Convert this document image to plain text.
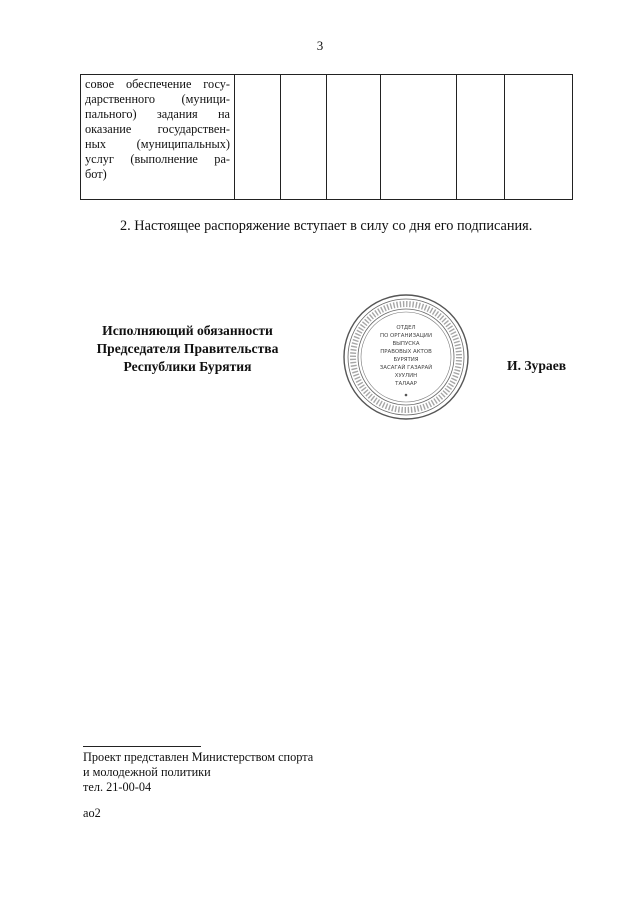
3
совое обеспечение госу-
дарственного (муници-
пального) задания на
оказание государствен-
ных (муниципальных)
услуг (выполнение ра-
бот)

2. Настоящее распоряжение вступает в силу со дня его подписания.
Исполняющий обязанности
Председателя Правительства
Республики Бурятия
ОТДЕЛ
ПО ОРГАНИЗАЦИИ
ВЫПУСКА
ПРАВОВЫХ АКТОВ
БУРЯТИЯ
ЗАСАГАЙ ГАЗАРАЙ
ХУУЛИН
ТАЛААР
И. Зураев
Проект представлен Министерством спорта
и молодежной политики
тел. 21-00-04
ао2
